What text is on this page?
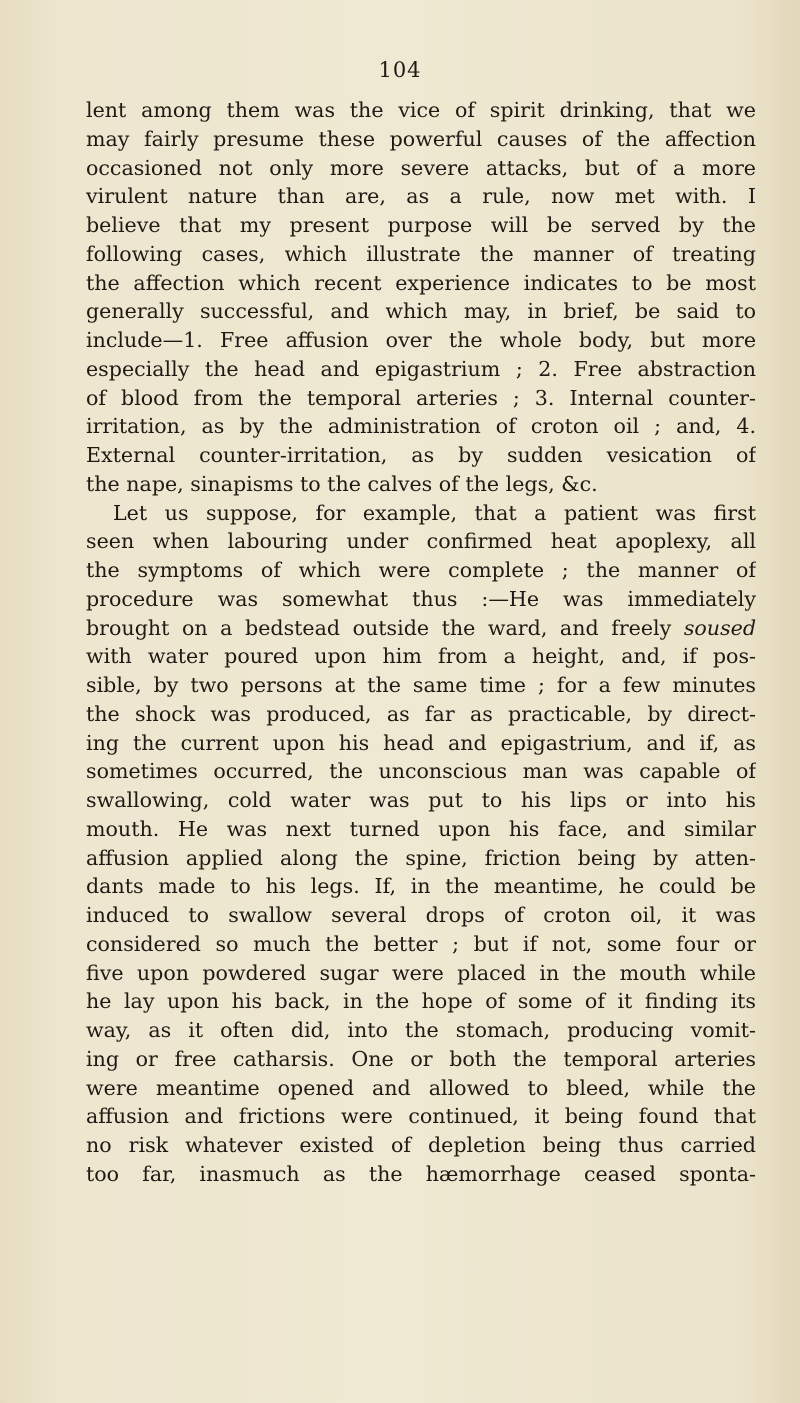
104
lent among them was the vice of spirit drinking, that we
may fairly presume these powerful causes of the affection
occasioned not only more severe attacks, but of a more
virulent nature than are, as a rule, now met with. I
believe that my present purpose will be served by the
following cases, which illustrate the manner of treating
the affection which recent experience indicates to be most
generally successful, and which may, in brief, be said to
include—1. Free affusion over the whole body, but more
especially the head and epigastrium ; 2. Free abstraction
of blood from the temporal arteries ; 3. Internal counter-
irritation, as by the administration of croton oil ; and, 4.
External counter-irritation, as by sudden vesication of
the nape, sinapisms to the calves of the legs, &c.
Let us suppose, for example, that a patient was first
seen when labouring under confirmed heat apoplexy, all
the symptoms of which were complete ; the manner of
procedure was somewhat thus :—He was immediately
brought on a bedstead outside the ward, and freely soused
with water poured upon him from a height, and, if pos-
sible, by two persons at the same time ; for a few minutes
the shock was produced, as far as practicable, by direct-
ing the current upon his head and epigastrium, and if, as
sometimes occurred, the unconscious man was capable of
swallowing, cold water was put to his lips or into his
mouth. He was next turned upon his face, and similar
affusion applied along the spine, friction being by atten-
dants made to his legs. If, in the meantime, he could be
induced to swallow several drops of croton oil, it was
considered so much the better ; but if not, some four or
five upon powdered sugar were placed in the mouth while
he lay upon his back, in the hope of some of it finding its
way, as it often did, into the stomach, producing vomit-
ing or free catharsis. One or both the temporal arteries
were meantime opened and allowed to bleed, while the
affusion and frictions were continued, it being found that
no risk whatever existed of depletion being thus carried
too far, inasmuch as the hæmorrhage ceased sponta-
